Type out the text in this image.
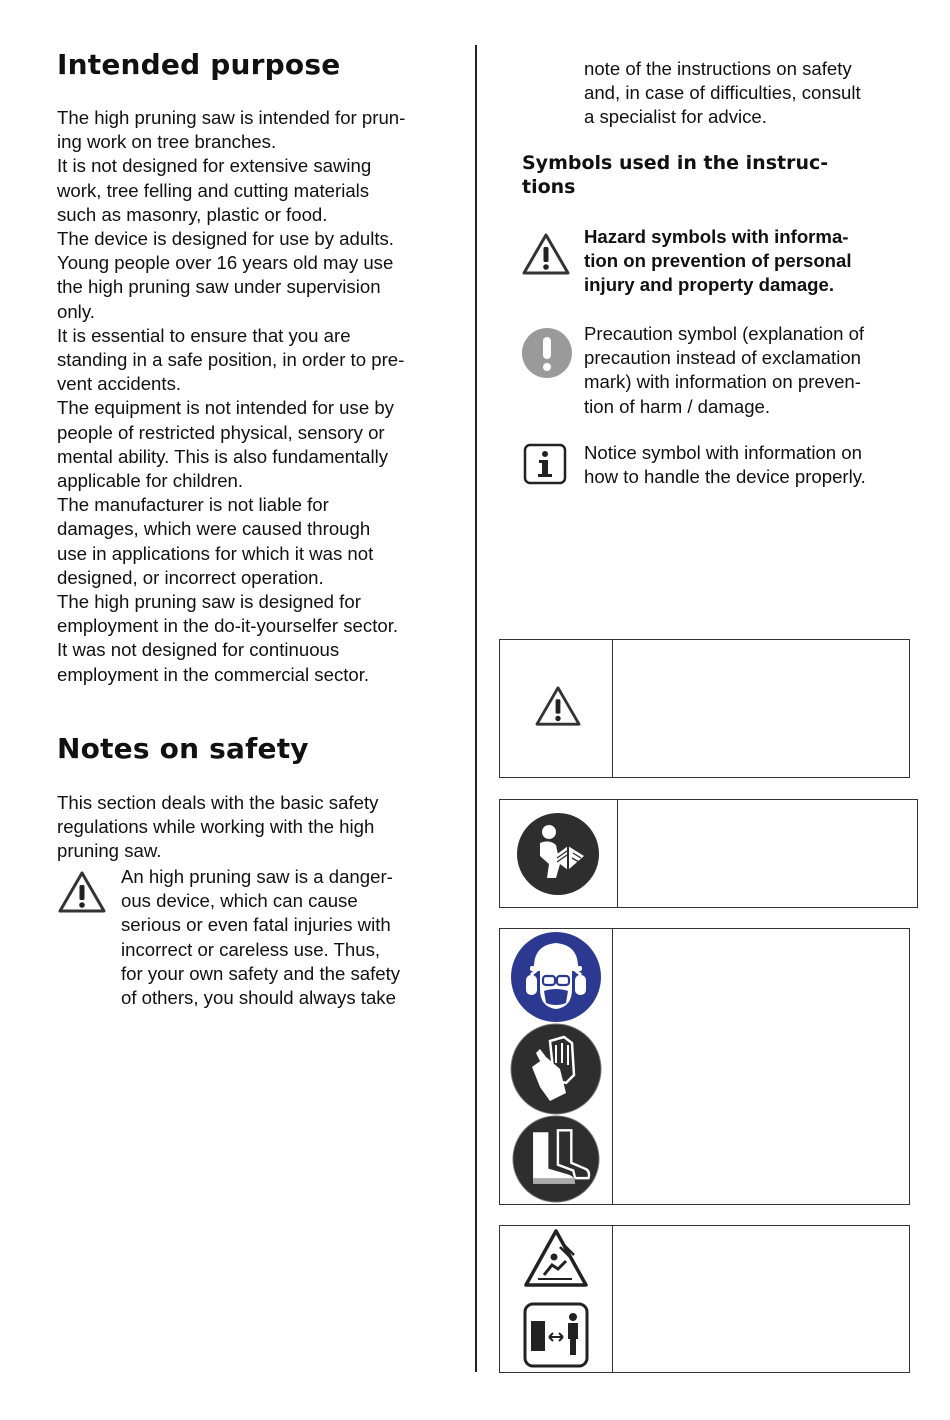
Intended purpose
The high pruning saw is intended for prun-
ing work on tree branches.
It is not designed for extensive sawing
work, tree felling and cutting materials
such as masonry, plastic or food.
The device is designed for use by adults.
Young people over 16 years old may use
the high pruning saw under supervision
only.
It is essential to ensure that you are
standing in a safe position, in order to pre-
vent accidents.
The equipment is not intended for use by
people of restricted physical, sensory or
mental ability. This is also fundamentally
applicable for children.
The manufacturer is not liable for
damages, which were caused through
use in applications for which it was not
designed, or incorrect operation.
The high pruning saw is designed for
employment in the do-it-yourselfer sector.
It was not designed for continuous
employment in the commercial sector.
Notes on safety
This section deals with the basic safety
regulations while working with the high
pruning saw.
An high pruning saw is a danger-
ous device, which can cause
serious or even fatal injuries with
incorrect or careless use. Thus,
for your own safety and the safety
of others, you should always take
note of the instructions on safety
and, in case of difficulties, consult
a specialist for advice.
Symbols used in the instruc-
tions
Hazard symbols with informa-
tion on prevention of personal
injury and property damage.
Precaution symbol (explanation of
precaution instead of exclamation
mark) with information on preven-
tion of harm / damage.
Notice symbol with information on
how to handle the device properly.
